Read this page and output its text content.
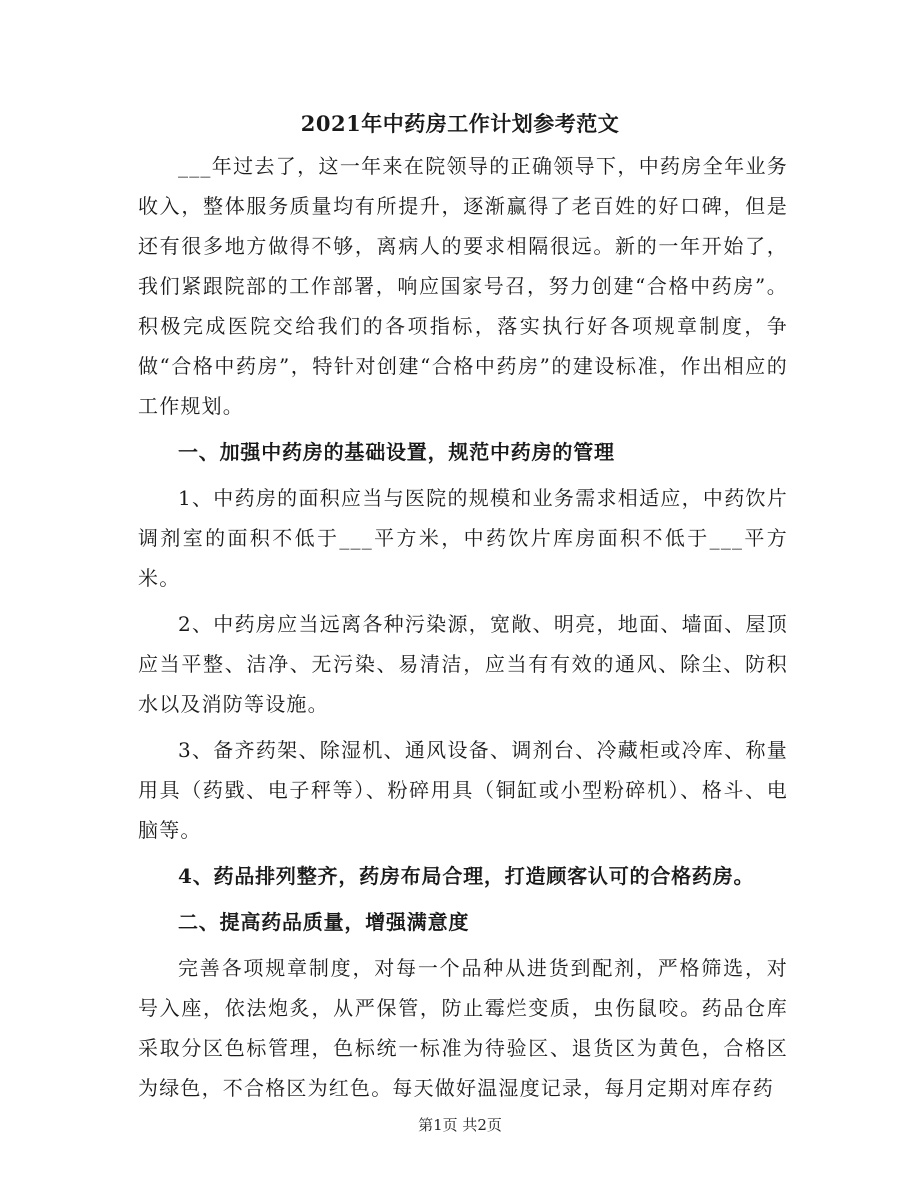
2021年中药房工作计划参考范文

___年过去了，这一年来在院领导的正确领导下，中药房全年业务收入，整体服务质量均有所提升，逐渐赢得了老百姓的好口碑，但是还有很多地方做得不够，离病人的要求相隔很远。新的一年开始了，我们紧跟院部的工作部署，响应国家号召，努力创建“合格中药房”。积极完成医院交给我们的各项指标，落实执行好各项规章制度，争做“合格中药房”，特针对创建“合格中药房”的建设标准，作出相应的工作规划。

一、加强中药房的基础设置，规范中药房的管理

1、中药房的面积应当与医院的规模和业务需求相适应，中药饮片调剂室的面积不低于___平方米，中药饮片库房面积不低于___平方米。

2、中药房应当远离各种污染源，宽敞、明亮，地面、墙面、屋顶应当平整、洁净、无污染、易清洁，应当有有效的通风、除尘、防积水以及消防等设施。

3、备齐药架、除湿机、通风设备、调剂台、冷藏柜或冷库、称量用具（药戥、电子秤等）、粉碎用具（铜缸或小型粉碎机）、格斗、电脑等。

4、药品排列整齐，药房布局合理，打造顾客认可的合格药房。

二、提高药品质量，增强满意度

完善各项规章制度，对每一个品种从进货到配剂，严格筛选，对号入座，依法炮炙，从严保管，防止霉烂变质，虫伤鼠咬。药品仓库采取分区色标管理，色标统一标准为待验区、退货区为黄色，合格区为绿色，不合格区为红色。每天做好温湿度记录，每月定期对库存药

第1页 共2页
